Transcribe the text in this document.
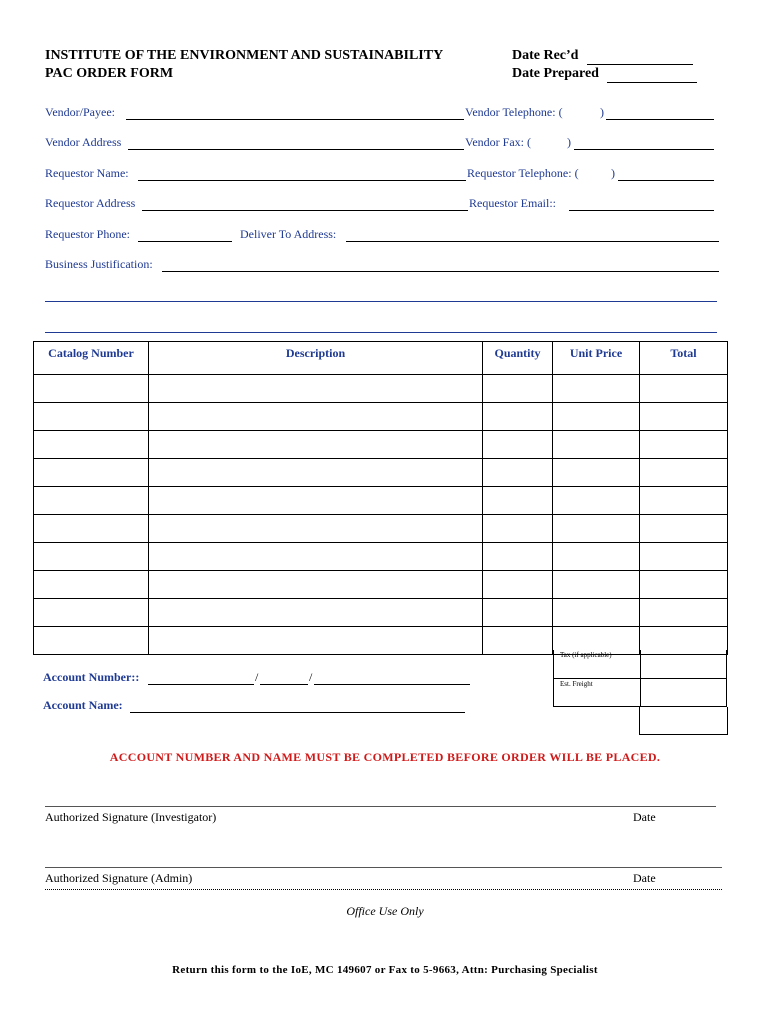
INSTITUTE OF THE ENVIRONMENT AND SUSTAINABILITY
PAC ORDER FORM
Date Rec’d
Date Prepared
Vendor/Payee:	Vendor Telephone: (	)
Vendor Address	Vendor Fax: (	)
Requestor Name:	Requestor Telephone: (	)
Requestor Address	Requestor Email::
Requestor Phone:	Deliver To Address:
Business Justification:
Catalog Number	Description	Quantity	Unit Price	Total

Tax (if applicable)
Est. Freight
Account Number::	/	/
Account Name:
ACCOUNT NUMBER AND NAME MUST BE COMPLETED BEFORE ORDER WILL BE PLACED.
Authorized Signature (Investigator)	Date
Authorized Signature (Admin)	Date
Office Use Only
Return this form to the IoE, MC 149607 or Fax to 5-9663, Attn: Purchasing Specialist
